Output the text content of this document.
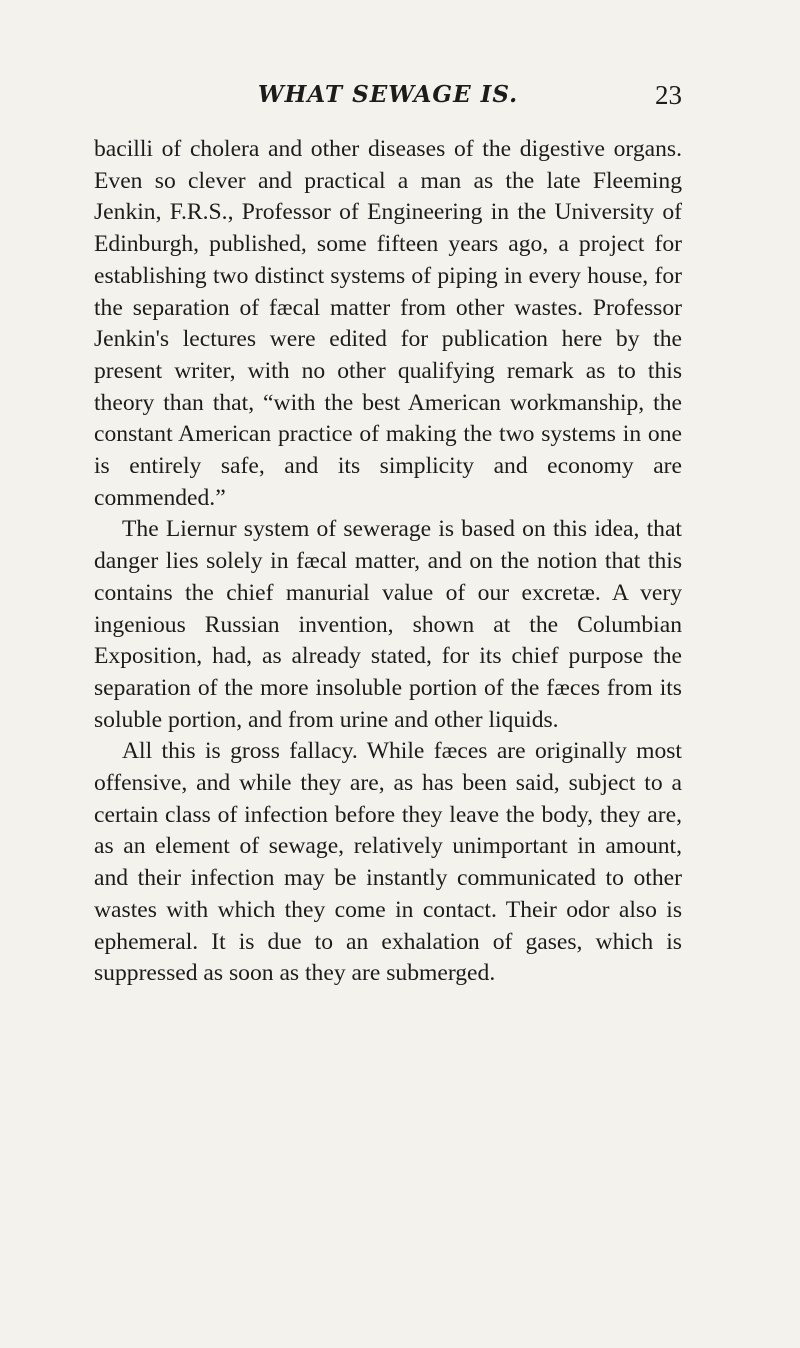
WHAT SEWAGE IS.	23

bacilli of cholera and other diseases of the digestive organs. Even so clever and practical a man as the late Fleeming Jenkin, F.R.S., Professor of Engineering in the University of Edinburgh, published, some fifteen years ago, a project for establishing two distinct systems of piping in every house, for the separation of fæcal matter from other wastes. Professor Jenkin's lectures were edited for publication here by the present writer, with no other qualifying remark as to this theory than that, “with the best American workmanship, the constant American practice of making the two systems in one is entirely safe, and its simplicity and economy are commended.”

The Liernur system of sewerage is based on this idea, that danger lies solely in fæcal matter, and on the notion that this contains the chief manurial value of our excretæ. A very ingenious Russian invention, shown at the Columbian Exposition, had, as already stated, for its chief purpose the separation of the more insoluble portion of the fæces from its soluble portion, and from urine and other liquids.

All this is gross fallacy. While fæces are originally most offensive, and while they are, as has been said, subject to a certain class of infection before they leave the body, they are, as an element of sewage, relatively unimportant in amount, and their infection may be instantly communicated to other wastes with which they come in contact. Their odor also is ephemeral. It is due to an exhalation of gases, which is suppressed as soon as they are submerged.
